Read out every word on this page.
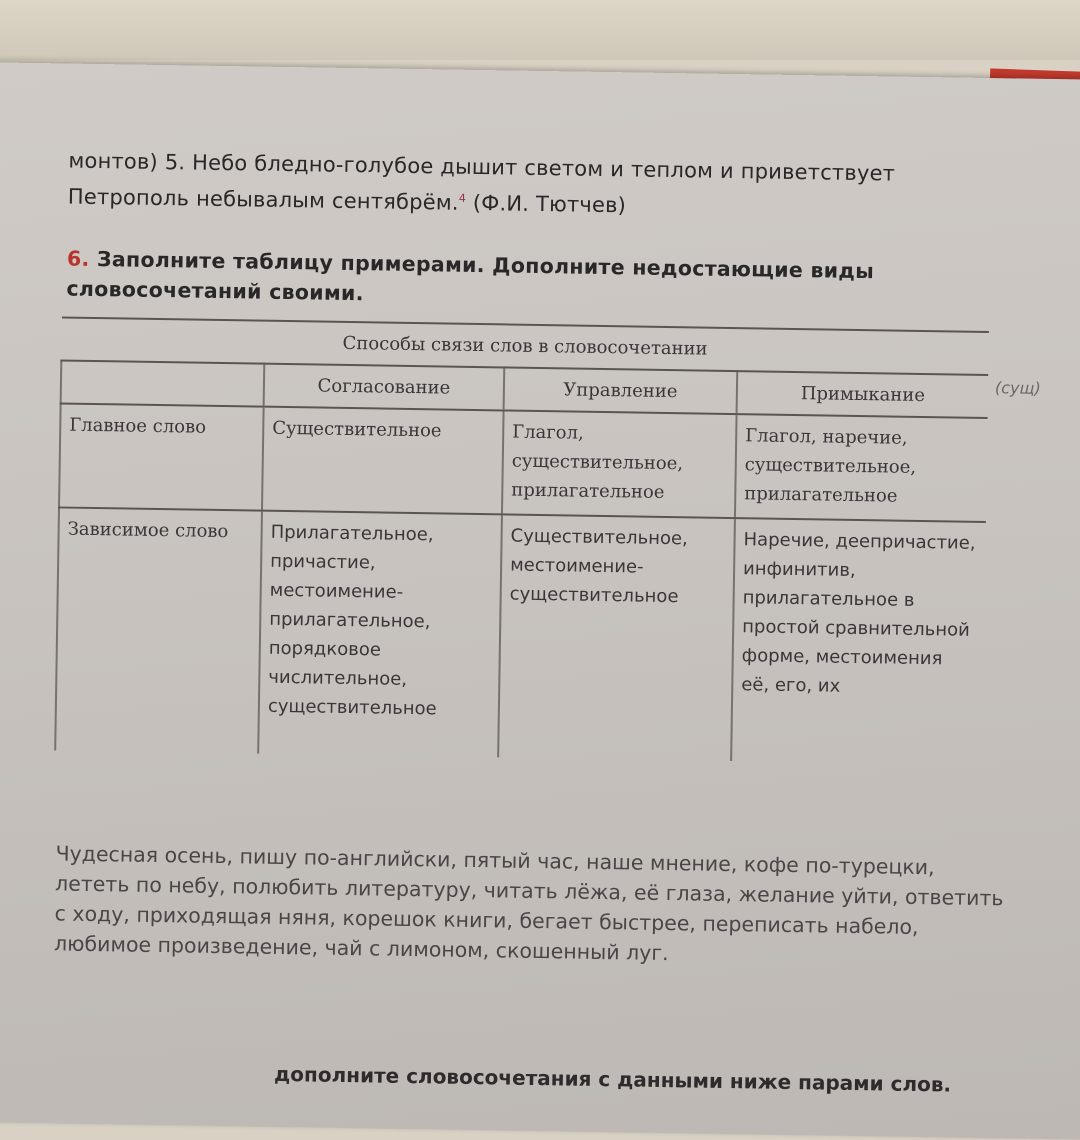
монтов) 5. Небо бледно-голубое дышит светом и теплом и приветствует
Петрополь небывалым сентябрём.$^4$ (Ф.И. Тютчев)
6. Заполните таблицу примерами. Дополните недостающие виды словосочетаний своими.
Способы связи слов в словосочетании			
	Согласование	Управление	Примыкание
Главное слово	Существительное	Глагол, существительное, прилагательное	Глагол, наречие, существительное, прилагательное
Зависимое слово	Прилагательное, причастие, местоимение-прилагательное, порядковое числительное, существительное	Существительное, местоимение-существительное	Наречие, деепричастие, инфинитив, прилагательное в простой сравнительной форме, местоимения её, его, их
Чудесная осень, пишу по-английски, пятый час, наше мнение, кофе по-турецки, лететь по небу, полюбить литературу, читать лёжа, её глаза, желание уйти, ответить с ходу, приходящая няня, корешок книги, бегает быстрее, переписать набело, любимое произведение, чай с лимоном, скошенный луг.
дополните словосочетания с данными ниже парами слов.
(сущ)
